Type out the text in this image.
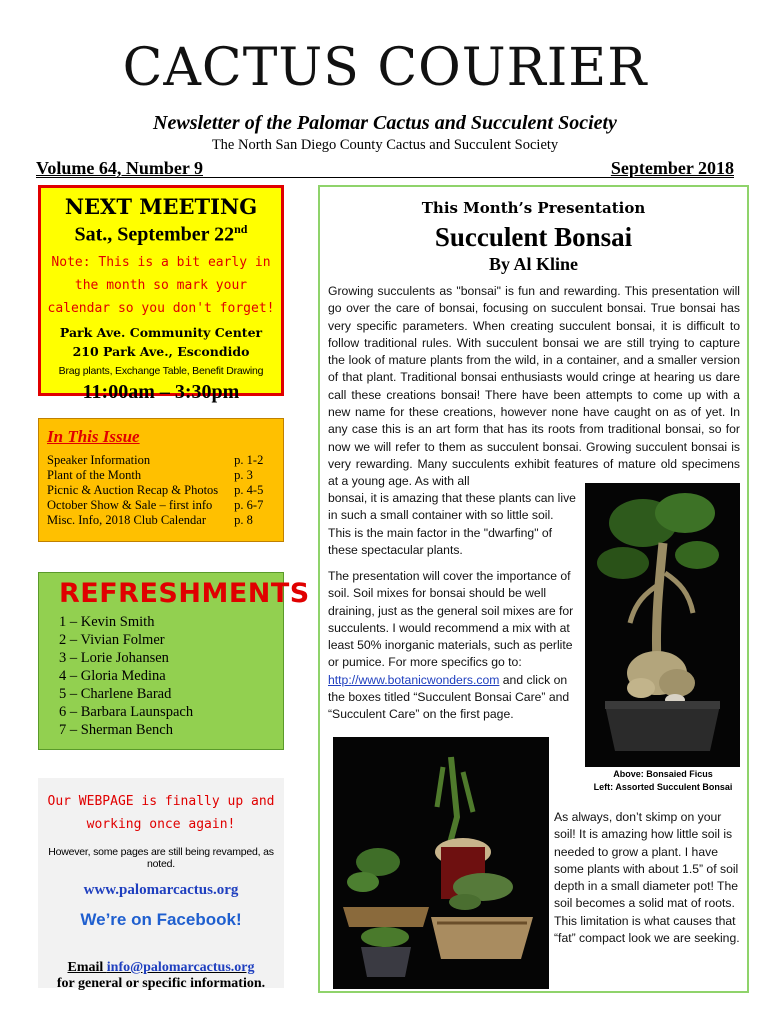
CACTUS COURIER
Newsletter of the Palomar Cactus and Succulent Society
The North San Diego County Cactus and Succulent Society
Volume 64, Number 9	September 2018
NEXT MEETING
Sat., September 22nd
Note: This is a bit early in the month so mark your calendar so you don't forget!
Park Ave. Community Center
210 Park Ave., Escondido
Brag plants, Exchange Table, Benefit Drawing
11:00am – 3:30pm
In This Issue
Speaker Information	p. 1-2
Plant of the Month	p. 3
Picnic & Auction Recap & Photos	p. 4-5
October Show & Sale – first info	p. 6-7
Misc. Info, 2018 Club Calendar	p. 8
REFRESHMENTS
1 – Kevin Smith
2 – Vivian Folmer
3 – Lorie Johansen
4 – Gloria Medina
5 – Charlene Barad
6 – Barbara Launspach
7 – Sherman Bench
Our WEBPAGE is finally up and working once again!
However, some pages are still being revamped, as noted.
www.palomarcactus.org
We’re on Facebook!
Email info@palomarcactus.org
for general or specific information.
This Month’s Presentation
Succulent Bonsai
By Al Kline
Growing succulents as "bonsai" is fun and rewarding. This presentation will go over the care of bonsai, focusing on succulent bonsai. True bonsai has very specific parameters. When creating succulent bonsai, it is difficult to follow traditional rules. With succulent bonsai we are still trying to capture the look of mature plants from the wild, in a container, and a smaller version of that plant. Traditional bonsai enthusiasts would cringe at hearing us dare call these creations bonsai! There have been attempts to come up with a new name for these creations, however none have caught on as of yet. In any case this is an art form that has its roots from traditional bonsai, so for now we will refer to them as succulent bonsai. Growing succulent bonsai is very rewarding. Many succulents exhibit features of mature old specimens at a young age. As with all
bonsai, it is amazing that these plants can live in such a small container with so little soil. This is the main factor in the "dwarfing" of these spectacular plants.
The presentation will cover the importance of soil. Soil mixes for bonsai should be well draining, just as the general soil mixes are for succulents. I would recommend a mix with at least 50% inorganic materials, such as perlite or pumice. For more specifics go to: http://www.botanicwonders.com and click on the boxes titled “Succulent Bonsai Care” and “Succulent Care” on the first page.
Above: Bonsaied Ficus
Left: Assorted Succulent Bonsai
As always, don’t skimp on your soil! It is amazing how little soil is needed to grow a plant. I have some plants with about 1.5” of soil depth in a small diameter pot! The soil becomes a solid mat of roots. This limitation is what causes that “fat” compact look we are seeking.
